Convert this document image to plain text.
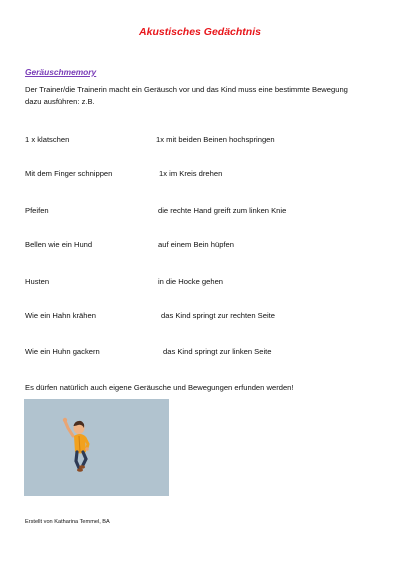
Akustisches Gedächtnis
Geräuschmemory
Der Trainer/die Trainerin macht ein Geräusch vor und das Kind muss eine bestimmte Bewegung dazu ausführen: z.B.
1 x klatschen	1x mit beiden Beinen hochspringen
Mit dem Finger schnippen	1x im Kreis drehen
Pfeifen	die rechte Hand greift zum linken Knie
Bellen wie ein Hund	auf einem Bein hüpfen
Husten	in die Hocke gehen
Wie ein Hahn krähen	das Kind springt zur rechten Seite
Wie ein Huhn gackern	das Kind springt zur linken Seite
Es dürfen natürlich auch eigene Geräusche und Bewegungen erfunden werden!
Erstellt von Katharina Temmel, BA
